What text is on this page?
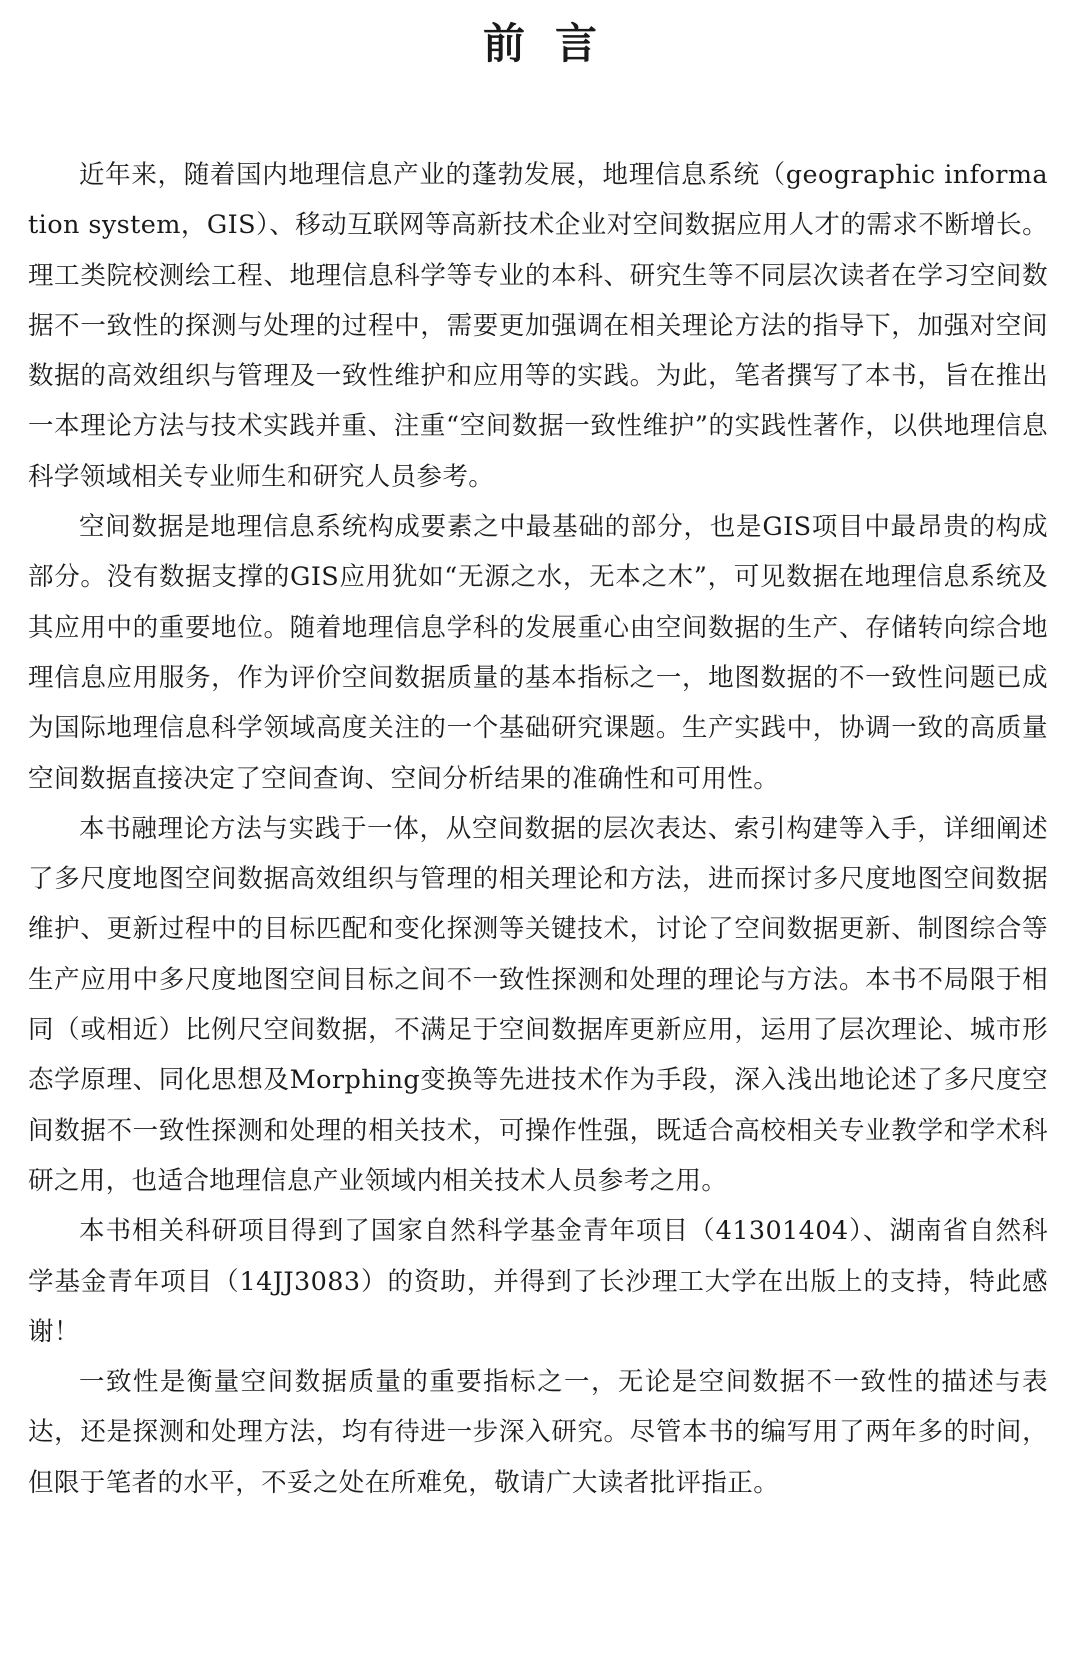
前言

近年来，随着国内地理信息产业的蓬勃发展，地理信息系统（geographic information system，GIS）、移动互联网等高新技术企业对空间数据应用人才的需求不断增长。理工类院校测绘工程、地理信息科学等专业的本科、研究生等不同层次读者在学习空间数据不一致性的探测与处理的过程中，需要更加强调在相关理论方法的指导下，加强对空间数据的高效组织与管理及一致性维护和应用等的实践。为此，笔者撰写了本书，旨在推出一本理论方法与技术实践并重、注重“空间数据一致性维护”的实践性著作，以供地理信息科学领域相关专业师生和研究人员参考。

空间数据是地理信息系统构成要素之中最基础的部分，也是GIS项目中最昂贵的构成部分。没有数据支撑的GIS应用犹如“无源之水，无本之木”，可见数据在地理信息系统及其应用中的重要地位。随着地理信息学科的发展重心由空间数据的生产、存储转向综合地理信息应用服务，作为评价空间数据质量的基本指标之一，地图数据的不一致性问题已成为国际地理信息科学领域高度关注的一个基础研究课题。生产实践中，协调一致的高质量空间数据直接决定了空间查询、空间分析结果的准确性和可用性。

本书融理论方法与实践于一体，从空间数据的层次表达、索引构建等入手，详细阐述了多尺度地图空间数据高效组织与管理的相关理论和方法，进而探讨多尺度地图空间数据维护、更新过程中的目标匹配和变化探测等关键技术，讨论了空间数据更新、制图综合等生产应用中多尺度地图空间目标之间不一致性探测和处理的理论与方法。本书不局限于相同（或相近）比例尺空间数据，不满足于空间数据库更新应用，运用了层次理论、城市形态学原理、同化思想及Morphing变换等先进技术作为手段，深入浅出地论述了多尺度空间数据不一致性探测和处理的相关技术，可操作性强，既适合高校相关专业教学和学术科研之用，也适合地理信息产业领域内相关技术人员参考之用。

本书相关科研项目得到了国家自然科学基金青年项目（41301404）、湖南省自然科学基金青年项目（14JJ3083）的资助，并得到了长沙理工大学在出版上的支持，特此感谢！

一致性是衡量空间数据质量的重要指标之一，无论是空间数据不一致性的描述与表达，还是探测和处理方法，均有待进一步深入研究。尽管本书的编写用了两年多的时间，但限于笔者的水平，不妥之处在所难免，敬请广大读者批评指正。
